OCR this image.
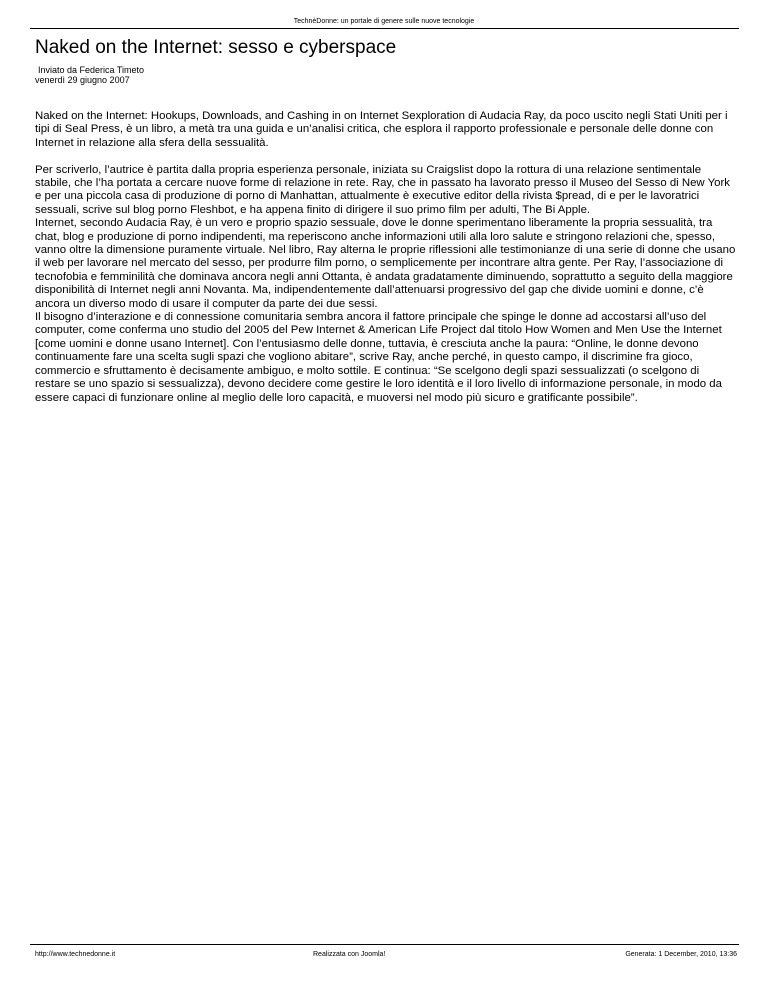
TechnèDonne: un portale di genere sulle nuove tecnologie
Naked on the Internet: sesso e cyberspace
Inviato da Federica Timeto
venerdì 29 giugno 2007

Naked on the Internet: Hookups, Downloads, and Cashing in on Internet Sexploration di Audacia Ray, da poco uscito negli Stati Uniti per i tipi di Seal Press, è un libro, a metà tra una guida e un’analisi critica, che esplora il rapporto professionale e personale delle donne con Internet in relazione alla sfera della sessualità.

Per scriverlo, l’autrice è partita dalla propria esperienza personale, iniziata su Craigslist dopo la rottura di una relazione sentimentale stabile, che l’ha portata a cercare nuove forme di relazione in rete. Ray, che in passato ha lavorato presso il Museo del Sesso di New York e per una piccola casa di produzione di porno di Manhattan, attualmente è executive editor della rivista $pread, di e per le lavoratrici sessuali, scrive sul blog porno Fleshbot, e ha appena finito di dirigere il suo primo film per adulti, The Bi Apple.
Internet, secondo Audacia Ray, è un vero e proprio spazio sessuale, dove le donne sperimentano liberamente la propria sessualità, tra chat, blog e produzione di porno indipendenti, ma reperiscono anche informazioni utili alla loro salute e stringono relazioni che, spesso, vanno oltre la dimensione puramente virtuale. Nel libro, Ray alterna le proprie riflessioni alle testimonianze di una serie di donne che usano il web per lavorare nel mercato del sesso, per produrre film porno, o semplicemente per incontrare altra gente. Per Ray, l’associazione di tecnofobia e femminilità che dominava ancora negli anni Ottanta, è andata gradatamente diminuendo, soprattutto a seguito della maggiore disponibilità di Internet negli anni Novanta. Ma, indipendentemente dall’attenuarsi progressivo del gap che divide uomini e donne, c’è ancora un diverso modo di usare il computer da parte dei due sessi.
Il bisogno d’interazione e di connessione comunitaria sembra ancora il fattore principale che spinge le donne ad accostarsi all’uso del computer, come conferma uno studio del 2005 del Pew Internet & American Life Project dal titolo How Women and Men Use the Internet [come uomini e donne usano Internet]. Con l’entusiasmo delle donne, tuttavia, è cresciuta anche la paura: “Online, le donne devono continuamente fare una scelta sugli spazi che vogliono abitare”, scrive Ray, anche perché, in questo campo, il discrimine fra gioco, commercio e sfruttamento è decisamente ambiguo, e molto sottile. E continua: “Se scelgono degli spazi sessualizzati (o scelgono di restare se uno spazio si sessualizza), devono decidere come gestire le loro identità e il loro livello di informazione personale, in modo da essere capaci di funzionare online al meglio delle loro capacità, e muoversi nel modo più sicuro e gratificante possibile”.
http://www.technedonne.it	Realizzata con Joomla!	Generata: 1 December, 2010, 13:36
